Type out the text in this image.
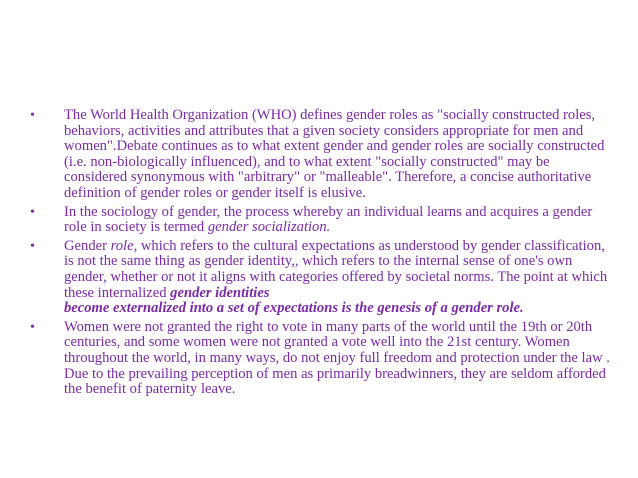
• The World Health Organization (WHO) defines gender roles as "socially constructed roles, behaviors, activities and attributes that a given society considers appropriate for men and women".Debate continues as to what extent gender and gender roles are socially constructed (i.e. non-biologically influenced), and to what extent "socially constructed" may be considered synonymous with "arbitrary" or "malleable". Therefore, a concise authoritative definition of gender roles or gender itself is elusive.
• In the sociology of gender, the process whereby an individual learns and acquires a gender role in society is termed gender socialization.
• Gender role, which refers to the cultural expectations as understood by gender classification, is not the same thing as gender identity,, which refers to the internal sense of one's own gender, whether or not it aligns with categories offered by societal norms. The point at which these internalized gender identities
become externalized into a set of expectations is the genesis of a gender role.
• Women were not granted the right to vote in many parts of the world until the 19th or 20th centuries, and some women were not granted a vote well into the 21st century. Women throughout the world, in many ways, do not enjoy full freedom and protection under the law . Due to the prevailing perception of men as primarily breadwinners, they are seldom afforded the benefit of paternity leave.
